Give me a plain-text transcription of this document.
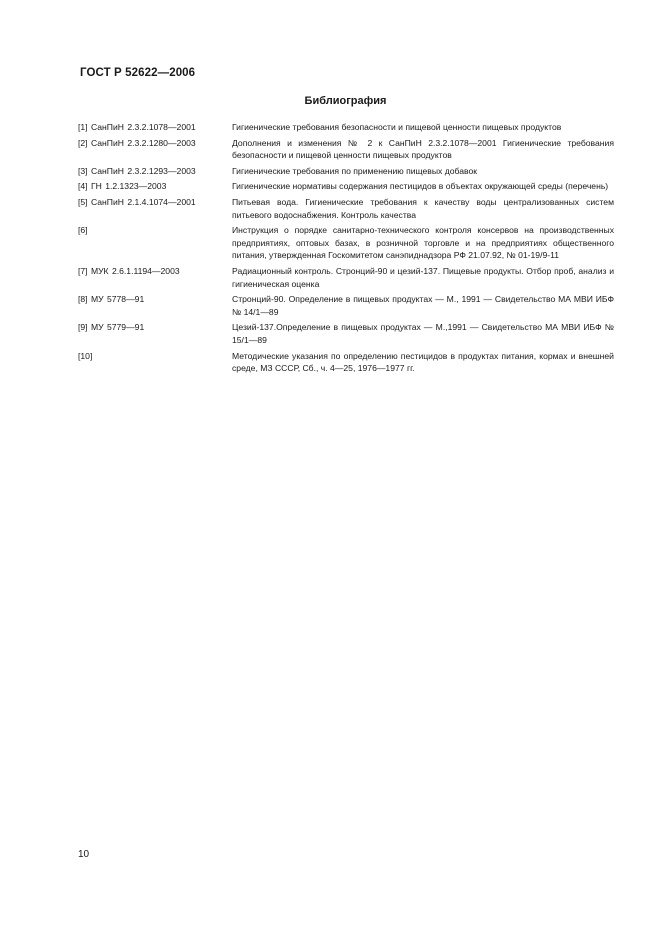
ГОСТ Р 52622—2006
Библиография
[1] СанПиН 2.3.2.1078—2001	Гигиенические требования безопасности и пищевой ценности пищевых продуктов
[2] СанПиН 2.3.2.1280—2003	Дополнения и изменения № 2 к СанПиН 2.3.2.1078—2001 Гигиенические требования безопасности и пищевой ценности пищевых продуктов
[3] СанПиН 2.3.2.1293—2003	Гигиенические требования по применению пищевых добавок
[4] ГН 1.2.1323—2003	Гигиенические нормативы содержания пестицидов в объектах окружающей среды (перечень)
[5] СанПиН 2.1.4.1074—2001	Питьевая вода. Гигиенические требования к качеству воды централизованных систем питьевого водоснабжения. Контроль качества
[6]	Инструкция о порядке санитарно-технического контроля консервов на производственных предприятиях, оптовых базах, в розничной торговле и на предприятиях общественного питания, утвержденная Госкомитетом санэпиднадзора РФ 21.07.92, № 01-19/9-11
[7] МУК 2.6.1.1194—2003	Радиационный контроль. Стронций-90 и цезий-137. Пищевые продукты. Отбор проб, анализ и гигиеническая оценка
[8] МУ 5778—91	Стронций-90. Определение в пищевых продуктах — М., 1991 — Свидетельство МА МВИ ИБФ № 14/1—89
[9] МУ 5779—91	Цезий-137.Определение в пищевых продуктах — М.,1991 — Свидетельство МА МВИ ИБФ № 15/1—89
[10]	Методические указания по определению пестицидов в продуктах питания, кормах и внешней среде, МЗ СССР, Сб., ч. 4—25, 1976—1977 гг.
10
